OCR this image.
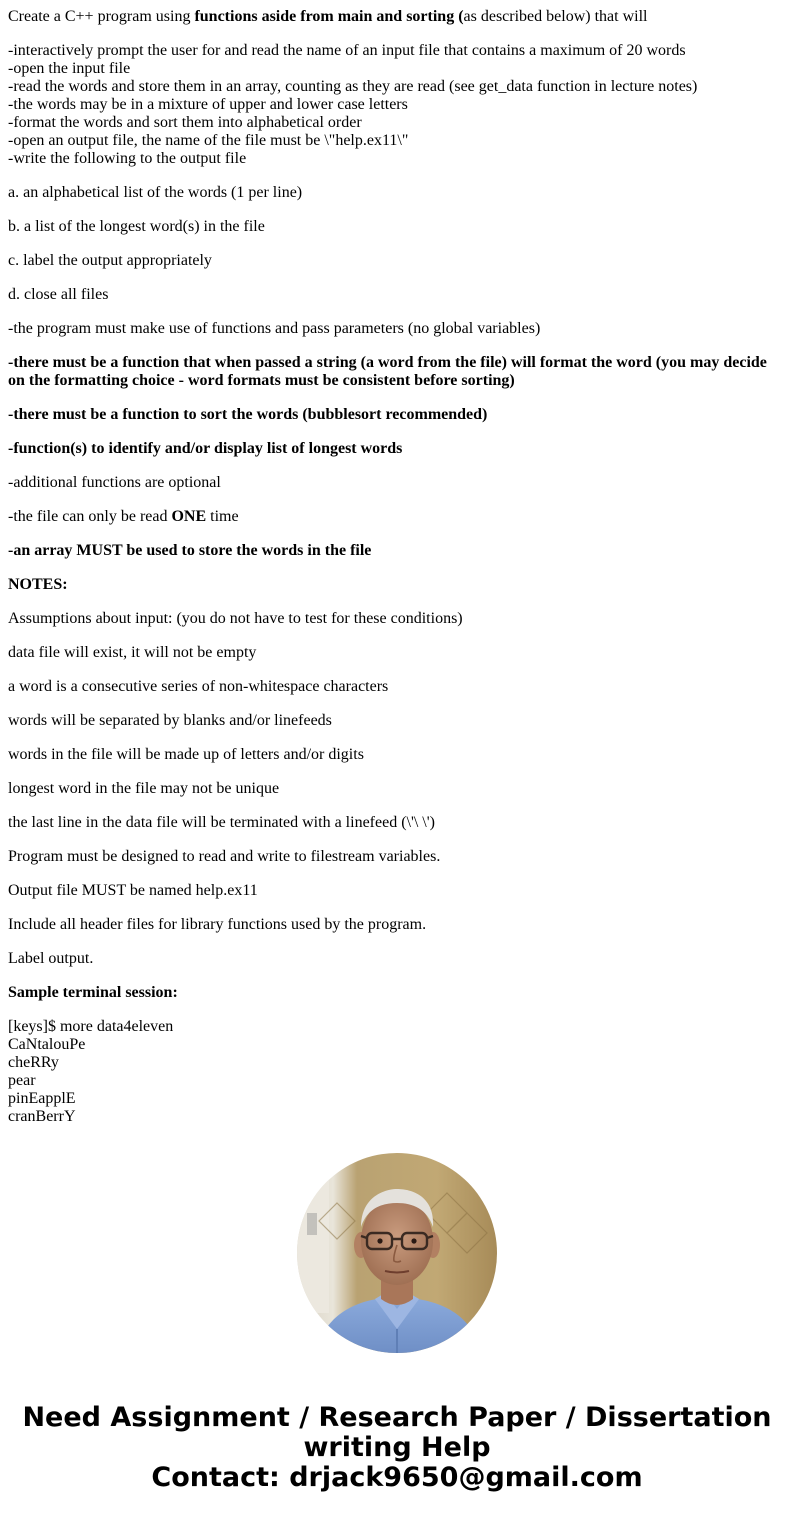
Create a C++ program using functions aside from main and sorting (as described below) that will

-interactively prompt the user for and read the name of an input file that contains a maximum of 20 words
-open the input file
-read the words and store them in an array, counting as they are read (see get_data function in lecture notes)
-the words may be in a mixture of upper and lower case letters
-format the words and sort them into alphabetical order
-open an output file, the name of the file must be \"help.ex11\"
-write the following to the output file

a. an alphabetical list of the words (1 per line)

b. a list of the longest word(s) in the file

c. label the output appropriately

d. close all files

-the program must make use of functions and pass parameters (no global variables)

-there must be a function that when passed a string (a word from the file) will format the word (you may decide on the formatting choice - word formats must be consistent before sorting)

-there must be a function to sort the words (bubblesort recommended)

-function(s) to identify and/or display list of longest words

-additional functions are optional

-the file can only be read ONE time

-an array MUST be used to store the words in the file

NOTES:

Assumptions about input: (you do not have to test for these conditions)

data file will exist, it will not be empty

a word is a consecutive series of non-whitespace characters

words will be separated by blanks and/or linefeeds

words in the file will be made up of letters and/or digits

longest word in the file may not be unique

the last line in the data file will be terminated with a linefeed (\'\ \')

Program must be designed to read and write to filestream variables.

Output file MUST be named help.ex11

Include all header files for library functions used by the program.

Label output.

Sample terminal session:

[keys]$ more data4eleven
CaNtalouPe
cheRRy
pear
pinEapplE
cranBerrY

Need Assignment / Research Paper / Dissertation
writing Help
Contact: drjack9650@gmail.com
